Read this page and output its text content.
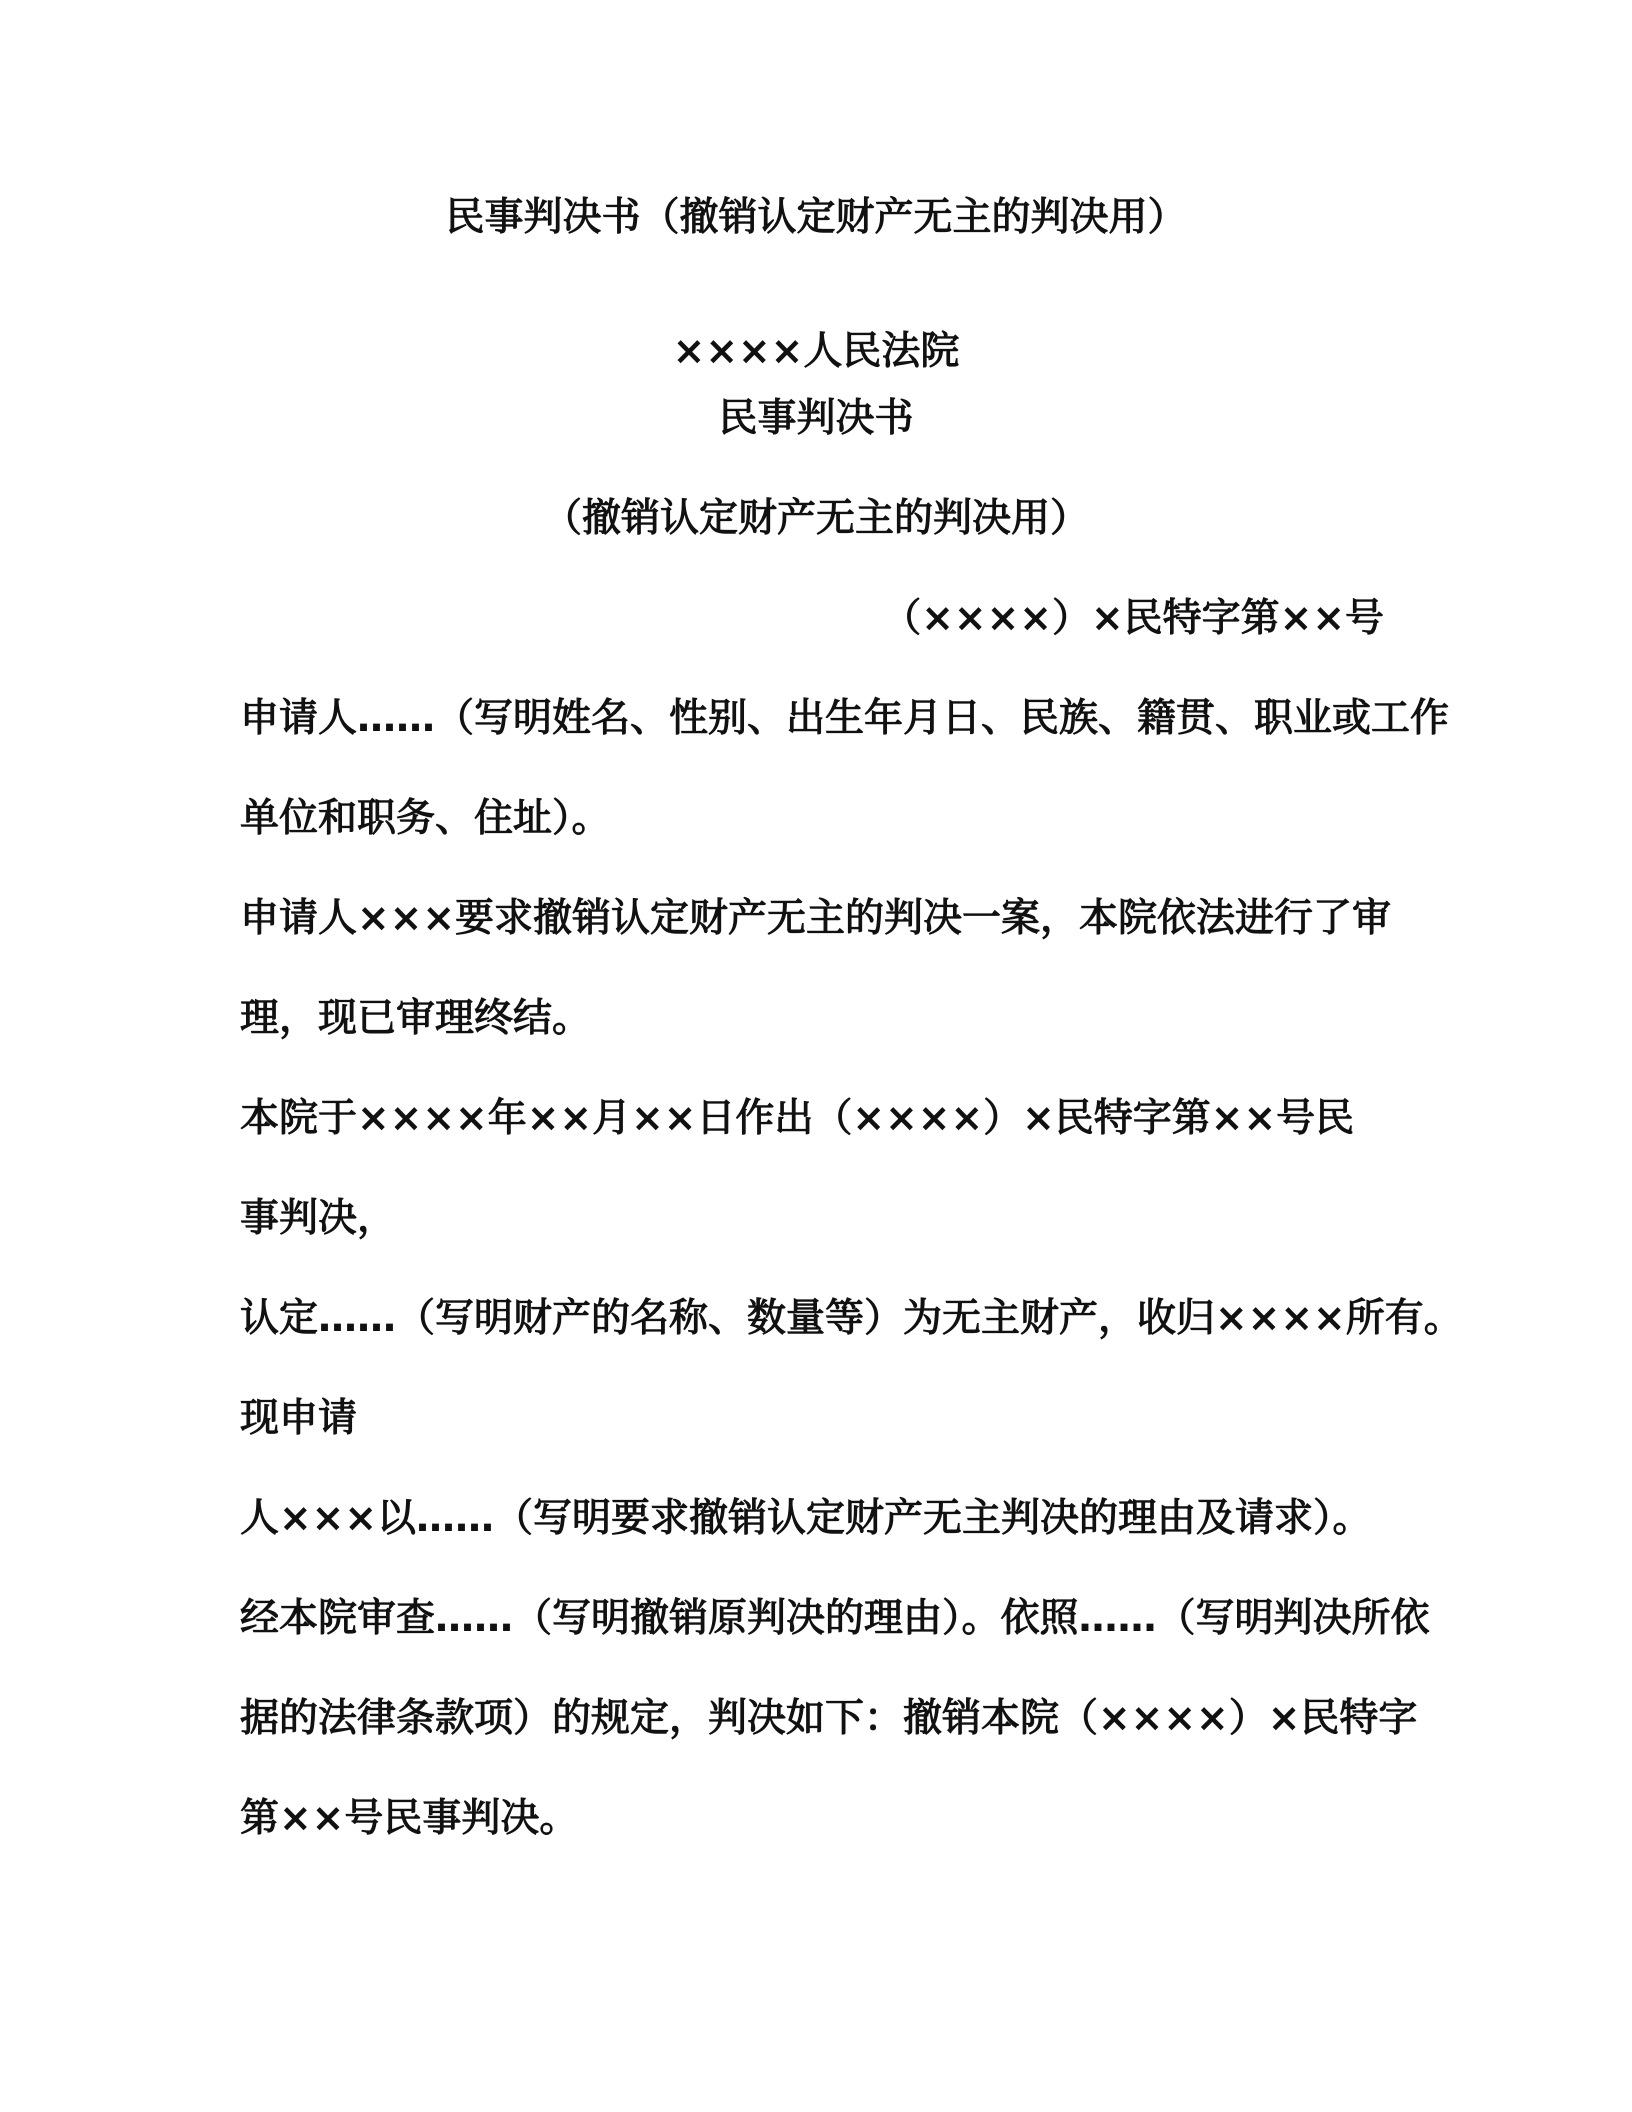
民事判决书（撤销认定财产无主的判决用）
××××人民法院
民事判决书
（撤销认定财产无主的判决用）
（××××）×民特字第××号
申请人……（写明姓名、性别、出生年月日、民族、籍贯、职业或工作
单位和职务、住址）。
申请人×××要求撤销认定财产无主的判决一案，本院依法进行了审
理，现已审理终结。
本院于××××年××月××日作出（××××）×民特字第××号民
事判决，
认定……（写明财产的名称、数量等）为无主财产，收归××××所有。
现申请
人×××以……（写明要求撤销认定财产无主判决的理由及请求）。
经本院审查……（写明撤销原判决的理由）。依照……（写明判决所依
据的法律条款项）的规定，判决如下：撤销本院（××××）×民特字
第××号民事判决。
